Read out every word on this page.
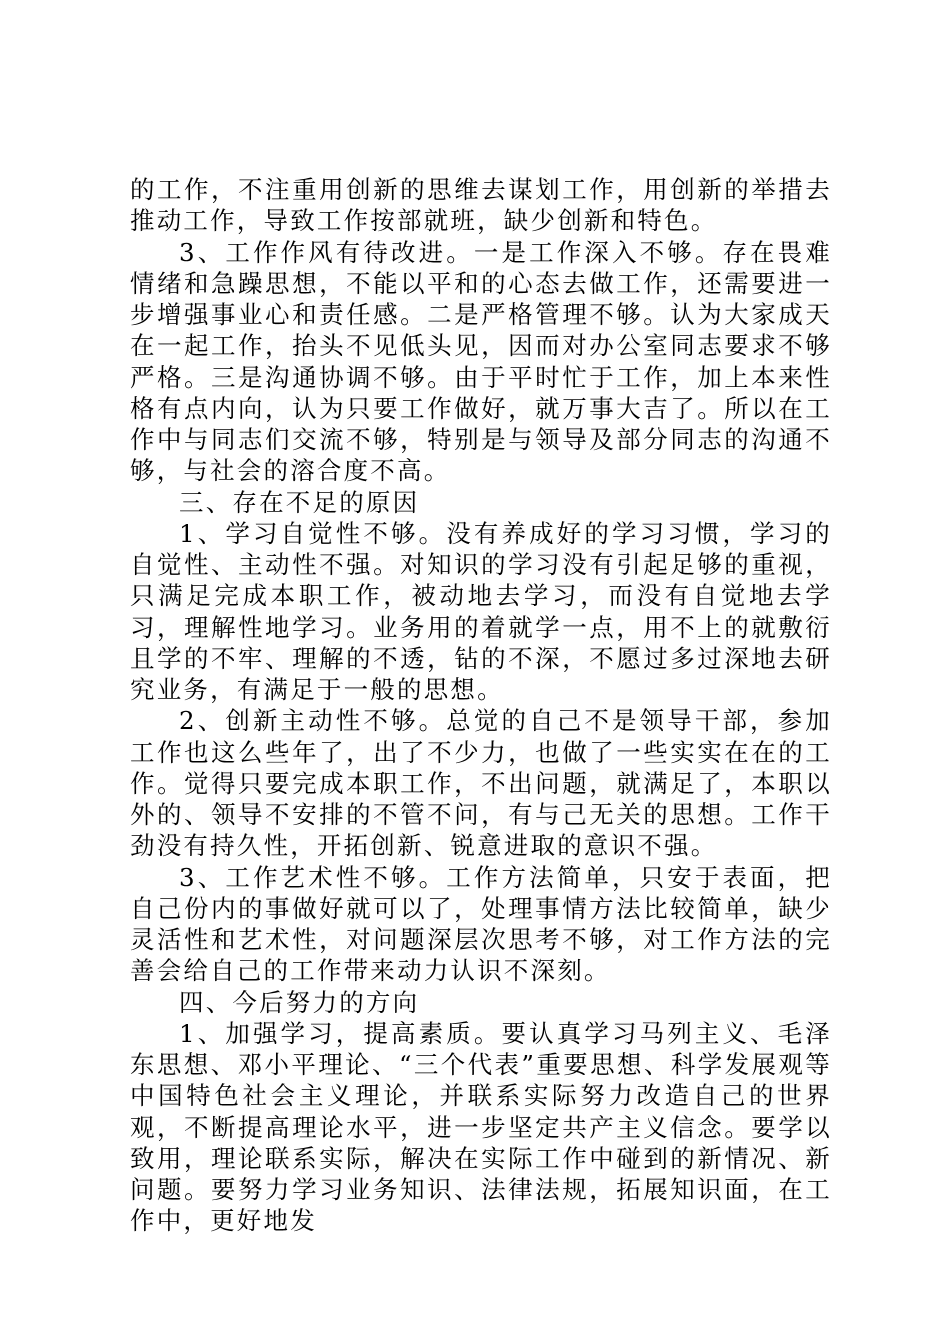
的工作，不注重用创新的思维去谋划工作，用创新的举措去推动工作，导致工作按部就班，缺少创新和特色。

3、工作作风有待改进。一是工作深入不够。存在畏难情绪和急躁思想，不能以平和的心态去做工作，还需要进一步增强事业心和责任感。二是严格管理不够。认为大家成天在一起工作，抬头不见低头见，因而对办公室同志要求不够严格。三是沟通协调不够。由于平时忙于工作，加上本来性格有点内向，认为只要工作做好，就万事大吉了。所以在工作中与同志们交流不够，特别是与领导及部分同志的沟通不够，与社会的溶合度不高。

三、存在不足的原因

1、学习自觉性不够。没有养成好的学习习惯，学习的自觉性、主动性不强。对知识的学习没有引起足够的重视，只满足完成本职工作，被动地去学习，而没有自觉地去学习，理解性地学习。业务用的着就学一点，用不上的就敷衍且学的不牢、理解的不透，钻的不深，不愿过多过深地去研究业务，有满足于一般的思想。

2、创新主动性不够。总觉的自己不是领导干部，参加工作也这么些年了，出了不少力，也做了一些实实在在的工作。觉得只要完成本职工作，不出问题，就满足了，本职以外的、领导不安排的不管不问，有与己无关的思想。工作干劲没有持久性，开拓创新、锐意进取的意识不强。

3、工作艺术性不够。工作方法简单，只安于表面，把自己份内的事做好就可以了，处理事情方法比较简单，缺少灵活性和艺术性，对问题深层次思考不够，对工作方法的完善会给自己的工作带来动力认识不深刻。

四、今后努力的方向

1、加强学习，提高素质。要认真学习马列主义、毛泽东思想、邓小平理论、“三个代表”重要思想、科学发展观等中国特色社会主义理论，并联系实际努力改造自己的世界观，不断提高理论水平，进一步坚定共产主义信念。要学以致用，理论联系实际，解决在实际工作中碰到的新情况、新问题。要努力学习业务知识、法律法规，拓展知识面，在工作中，更好地发
